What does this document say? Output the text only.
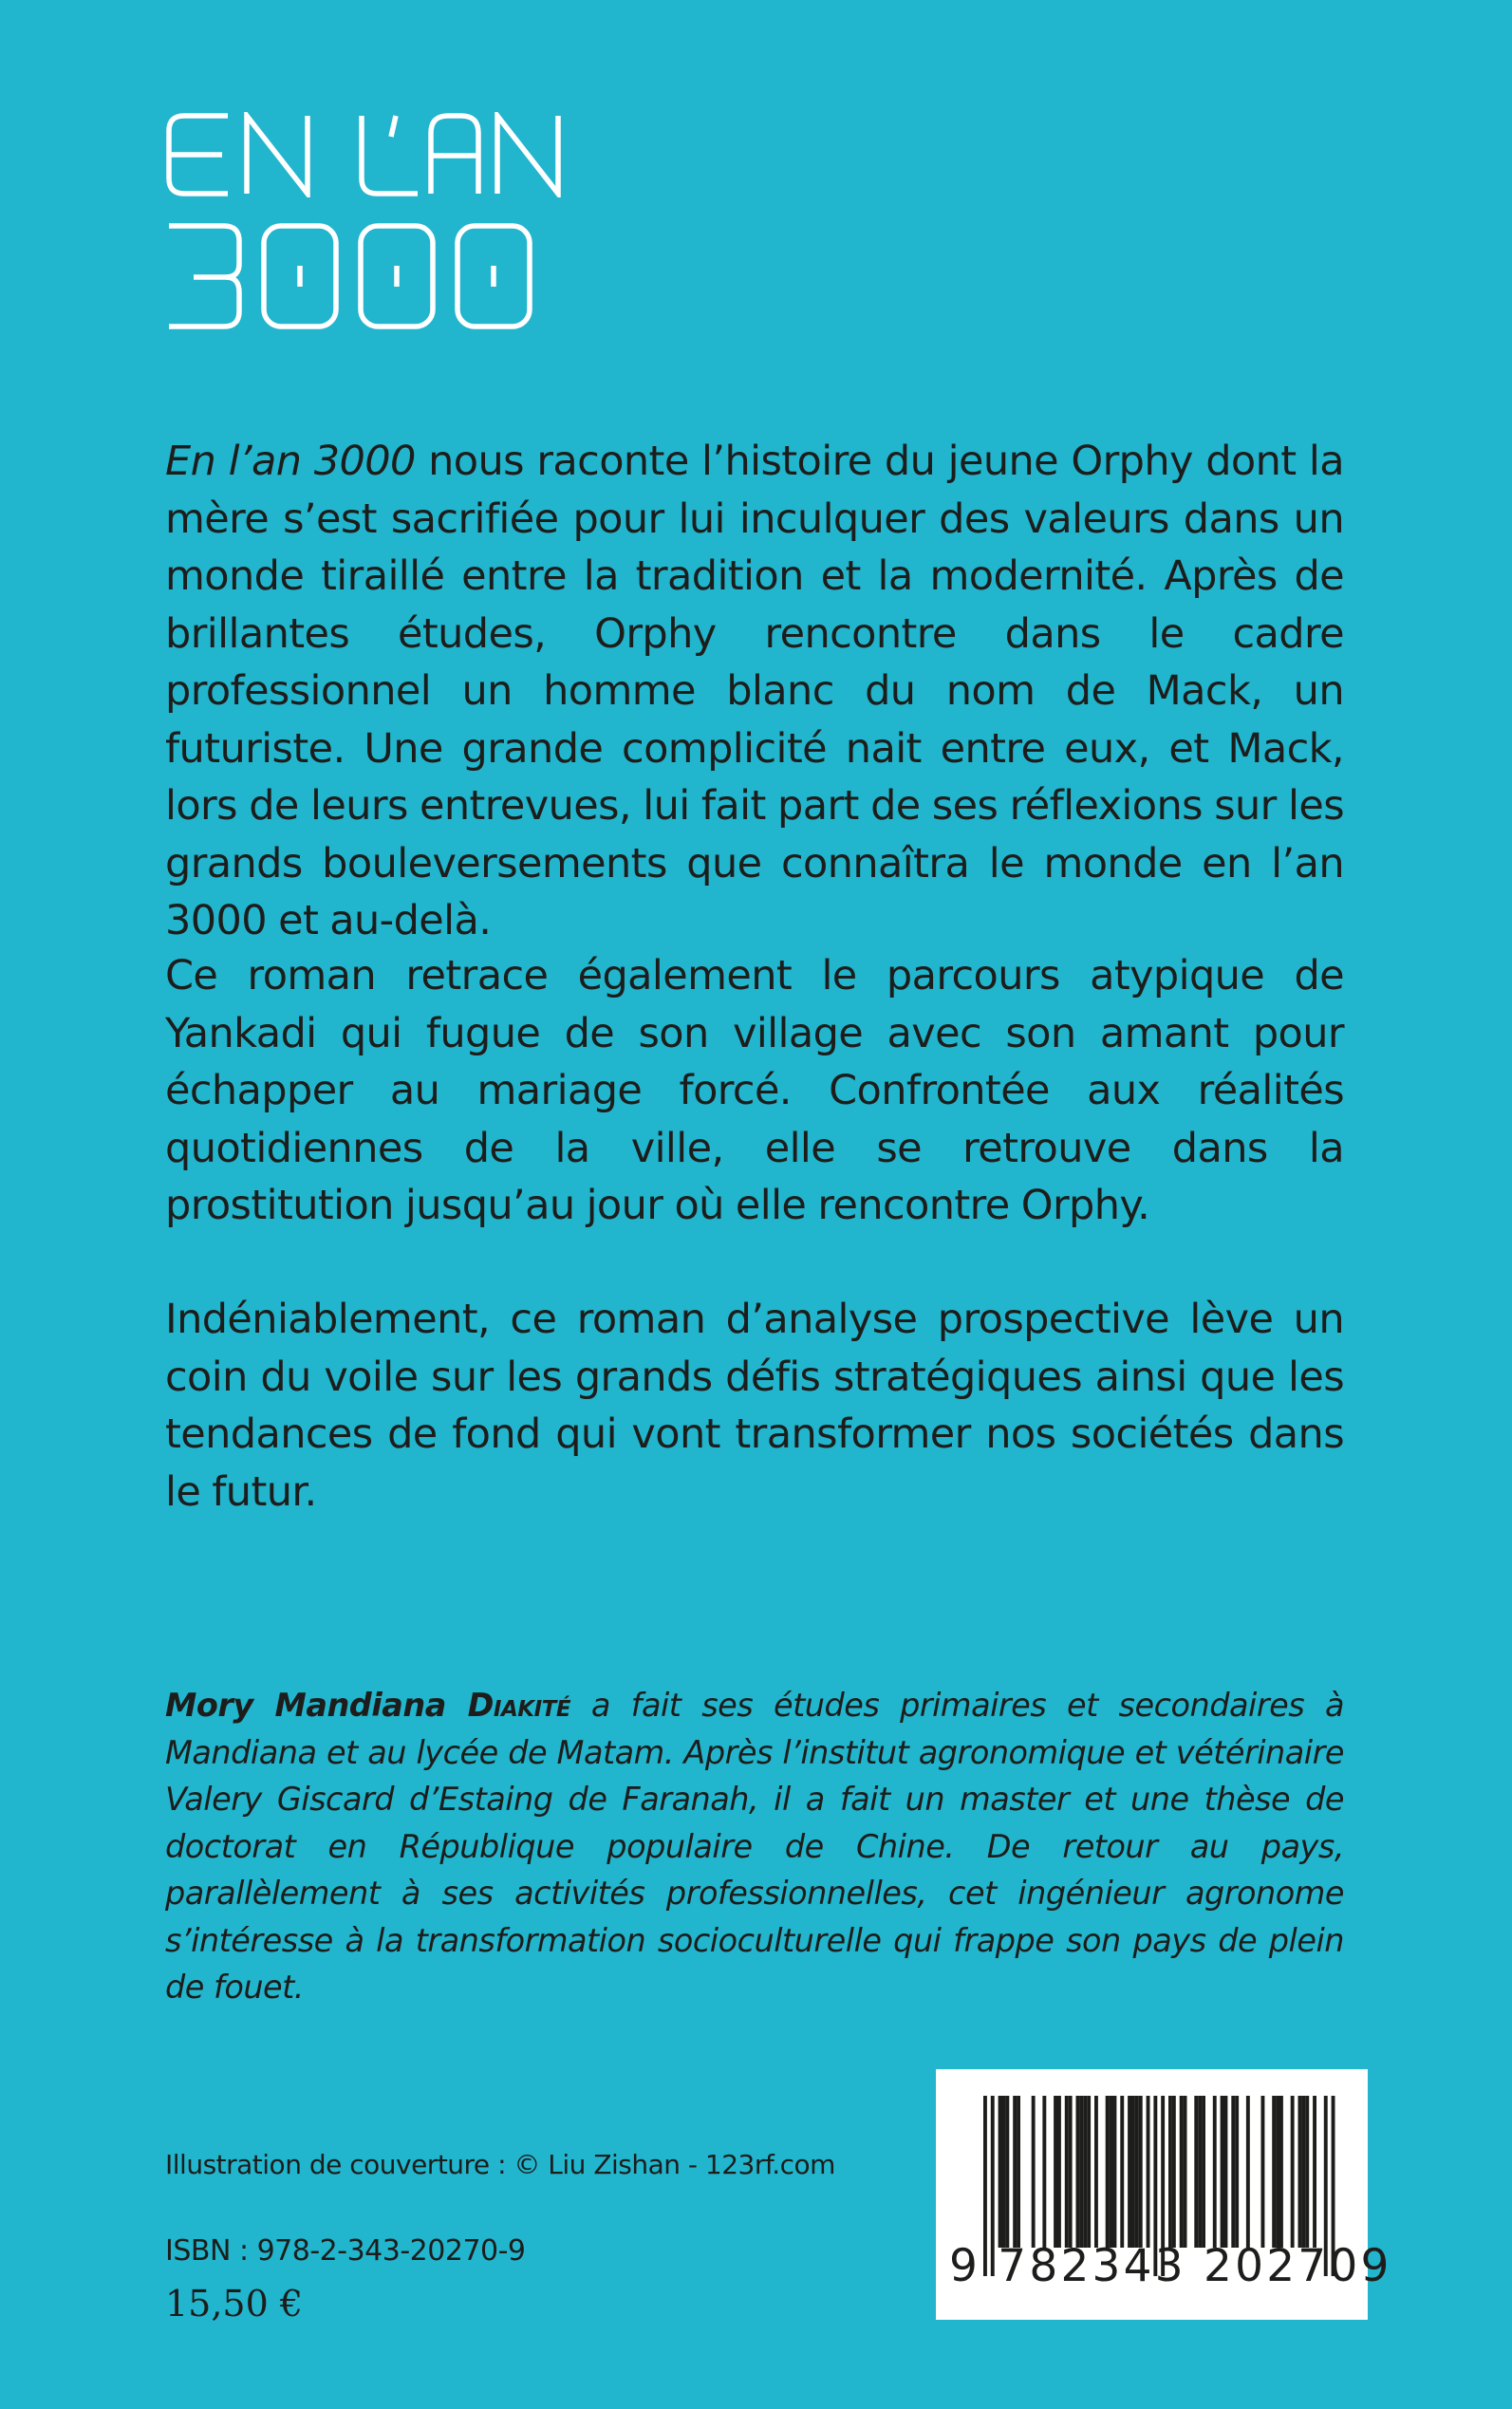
En l’an 3000 nous raconte l’histoire du jeune Orphy dont la mère s’est sacrifiée pour lui inculquer des valeurs dans un monde tiraillé entre la tradition et la modernité. Après de brillantes études, Orphy rencontre dans le cadre professionnel un homme blanc du nom de Mack, un futuriste. Une grande complicité nait entre eux, et Mack, lors de leurs entrevues, lui fait part de ses réflexions sur les grands bouleversements que connaîtra le monde en l’an 3000 et au-delà.
Ce roman retrace également le parcours atypique de Yankadi qui fugue de son village avec son amant pour échapper au mariage forcé. Confrontée aux réalités quotidiennes de la ville, elle se retrouve dans la prostitution jusqu’au jour où elle rencontre Orphy.
Indéniablement, ce roman d’analyse prospective lève un coin du voile sur les grands défis stratégiques ainsi que les tendances de fond qui vont transformer nos sociétés dans le futur.
Mory Mandiana Diakité a fait ses études primaires et secondaires à Mandiana et au lycée de Matam. Après l’institut agronomique et vétérinaire Valery Giscard d’Estaing de Faranah, il a fait un master et une thèse de doctorat en République populaire de Chine. De retour au pays, parallèlement à ses activités professionnelles, cet ingénieur agronome s’intéresse à la transformation socioculturelle qui frappe son pays de plein de fouet.
Illustration de couverture : © Liu Zishan - 123rf.com
ISBN : 978-2-343-20270-9
15,50 €
9 782343 202709
